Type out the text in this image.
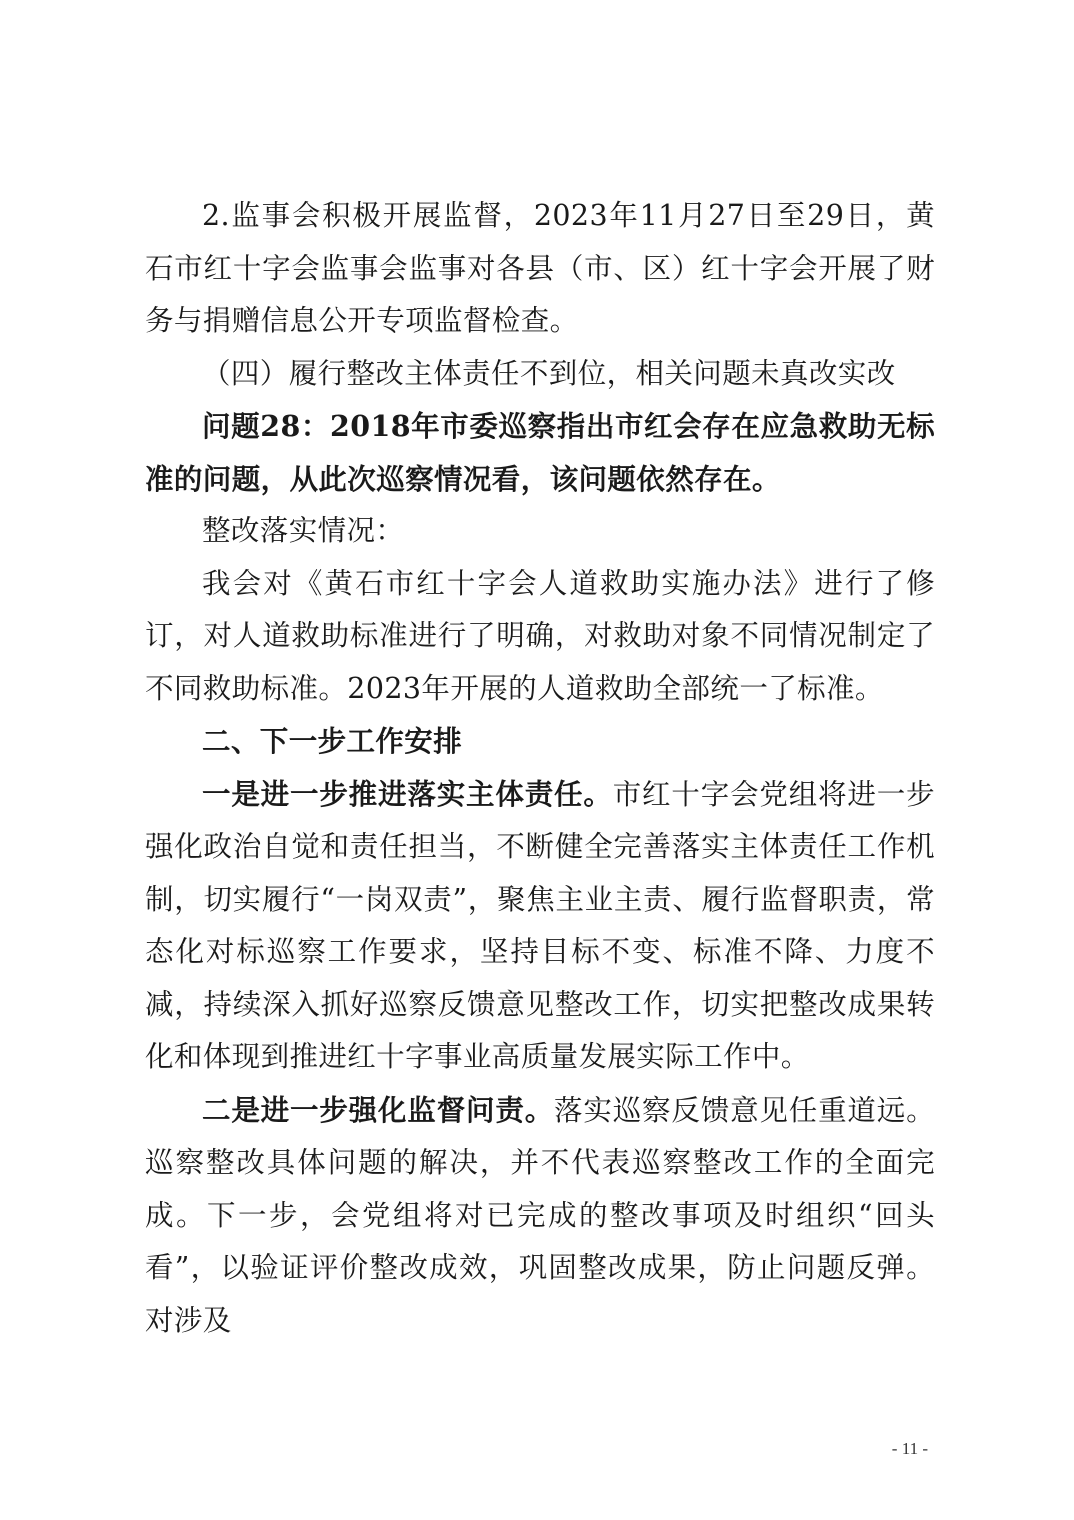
2.监事会积极开展监督，2023年11月27日至29日，黄石市红十字会监事会监事对各县（市、区）红十字会开展了财务与捐赠信息公开专项监督检查。

（四）履行整改主体责任不到位，相关问题未真改实改

问题28：2018年市委巡察指出市红会存在应急救助无标准的问题，从此次巡察情况看，该问题依然存在。

整改落实情况：

我会对《黄石市红十字会人道救助实施办法》进行了修订，对人道救助标准进行了明确，对救助对象不同情况制定了不同救助标准。2023年开展的人道救助全部统一了标准。

二、下一步工作安排

一是进一步推进落实主体责任。市红十字会党组将进一步强化政治自觉和责任担当，不断健全完善落实主体责任工作机制，切实履行“一岗双责”，聚焦主业主责、履行监督职责，常态化对标巡察工作要求，坚持目标不变、标准不降、力度不减，持续深入抓好巡察反馈意见整改工作，切实把整改成果转化和体现到推进红十字事业高质量发展实际工作中。

二是进一步强化监督问责。落实巡察反馈意见任重道远。巡察整改具体问题的解决，并不代表巡察整改工作的全面完成。下一步，会党组将对已完成的整改事项及时组织“回头看”，以验证评价整改成效，巩固整改成果，防止问题反弹。对涉及

- 11 -
